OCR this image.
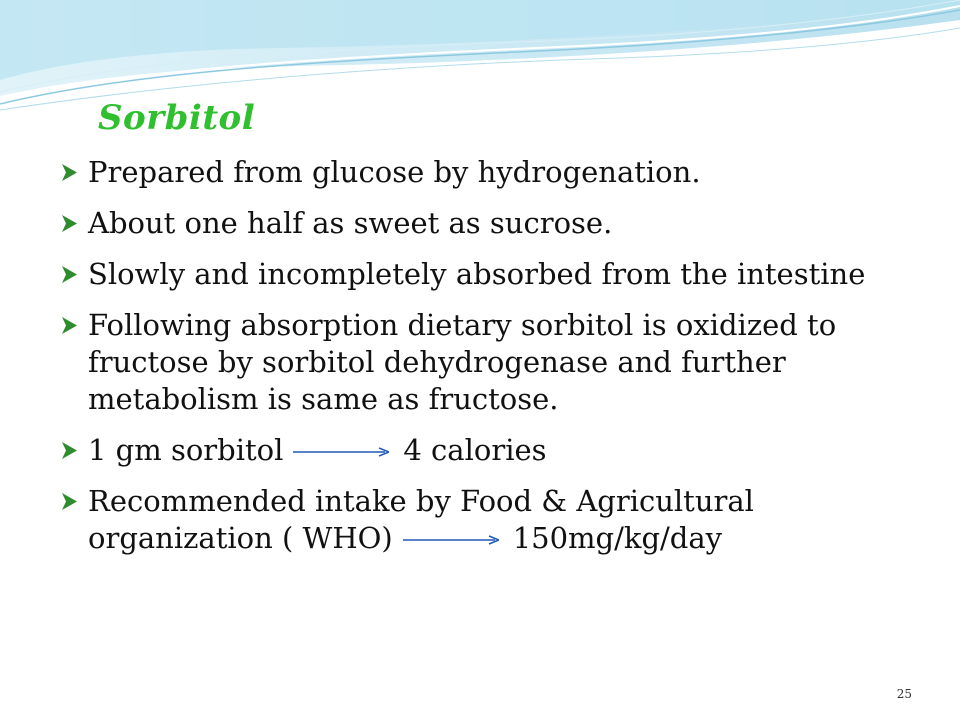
Sorbitol
Prepared from glucose by hydrogenation.
About one half as sweet as sucrose.
Slowly and incompletely absorbed from the intestine
Following absorption dietary sorbitol is oxidized to fructose by sorbitol dehydrogenase and further metabolism is same as fructose.
1 gm sorbitol	4 calories
Recommended intake by Food & Agricultural organization ( WHO)	150mg/kg/day
25
